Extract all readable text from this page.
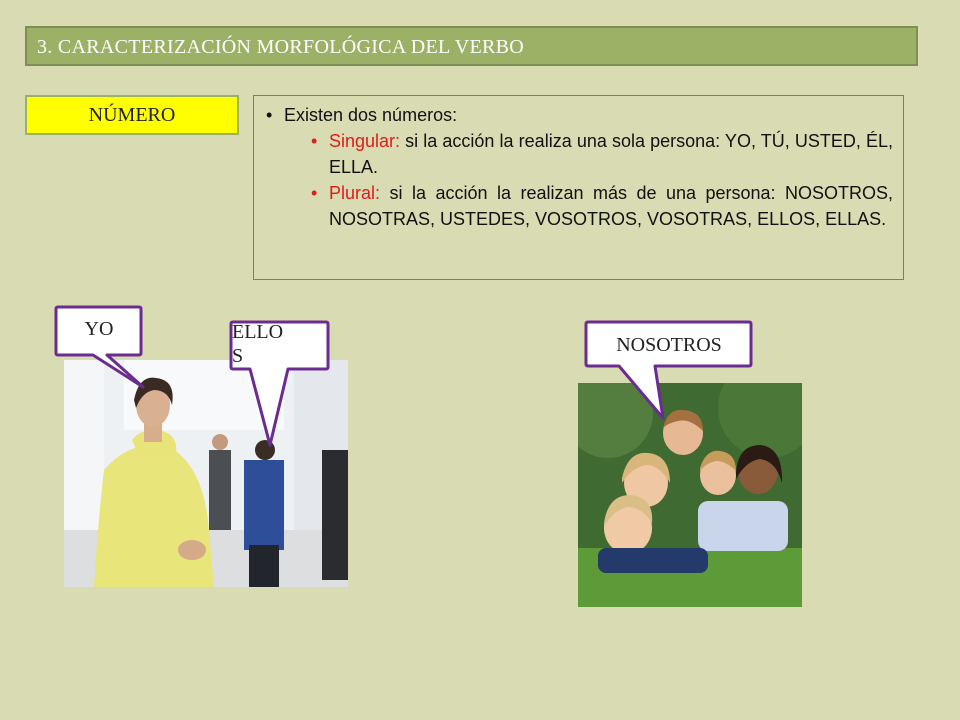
3. CARACTERIZACIÓN MORFOLÓGICA DEL VERBO
NÚMERO	• Existen dos números:
• Singular: si la acción la realiza una sola persona: YO, TÚ, USTED, ÉL, ELLA.
• Plural: si la acción la realizan más de una persona: NOSOTROS, NOSOTRAS, USTEDES, VOSOTROS, VOSOTRAS, ELLOS, ELLAS.
YO	ELLO
S	NOSOTROS
